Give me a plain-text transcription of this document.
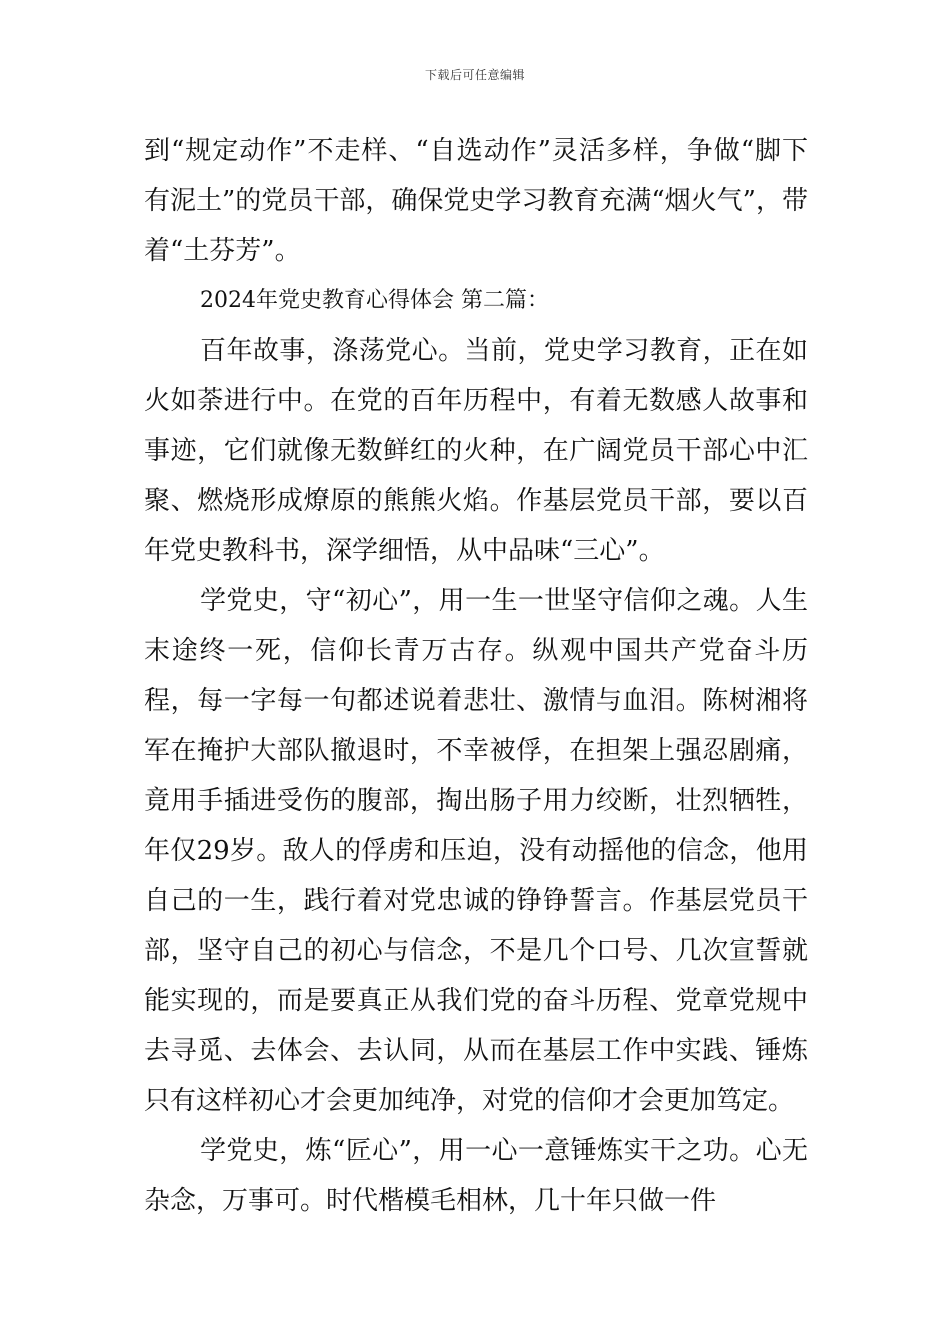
下载后可任意编辑

到“规定动作”不走样、“自选动作”灵活多样，争做“脚下有泥土”的党员干部，确保党史学习教育充满“烟火气”，带着“土芬芳”。

2024年党史教育心得体会 第二篇：

百年故事，涤荡党心。当前，党史学习教育，正在如火如荼进行中。在党的百年历程中，有着无数感人故事和事迹，它们就像无数鲜红的火种，在广阔党员干部心中汇聚、燃烧形成燎原的熊熊火焰。作基层党员干部，要以百年党史教科书，深学细悟，从中品味“三心”。

学党史，守“初心”，用一生一世坚守信仰之魂。人生末途终一死，信仰长青万古存。纵观中国共产党奋斗历程，每一字每一句都述说着悲壮、激情与血泪。陈树湘将军在掩护大部队撤退时，不幸被俘，在担架上强忍剧痛，竟用手插进受伤的腹部，掏出肠子用力绞断，壮烈牺牲，年仅29岁。敌人的俘虏和压迫，没有动摇他的信念，他用自己的一生，践行着对党忠诚的铮铮誓言。作基层党员干部，坚守自己的初心与信念，不是几个口号、几次宣誓就能实现的，而是要真正从我们党的奋斗历程、党章党规中去寻觅、去体会、去认同，从而在基层工作中实践、锤炼只有这样初心才会更加纯净，对党的信仰才会更加笃定。

学党史，炼“匠心”，用一心一意锤炼实干之功。心无杂念，万事可。时代楷模毛相林，几十年只做一件
